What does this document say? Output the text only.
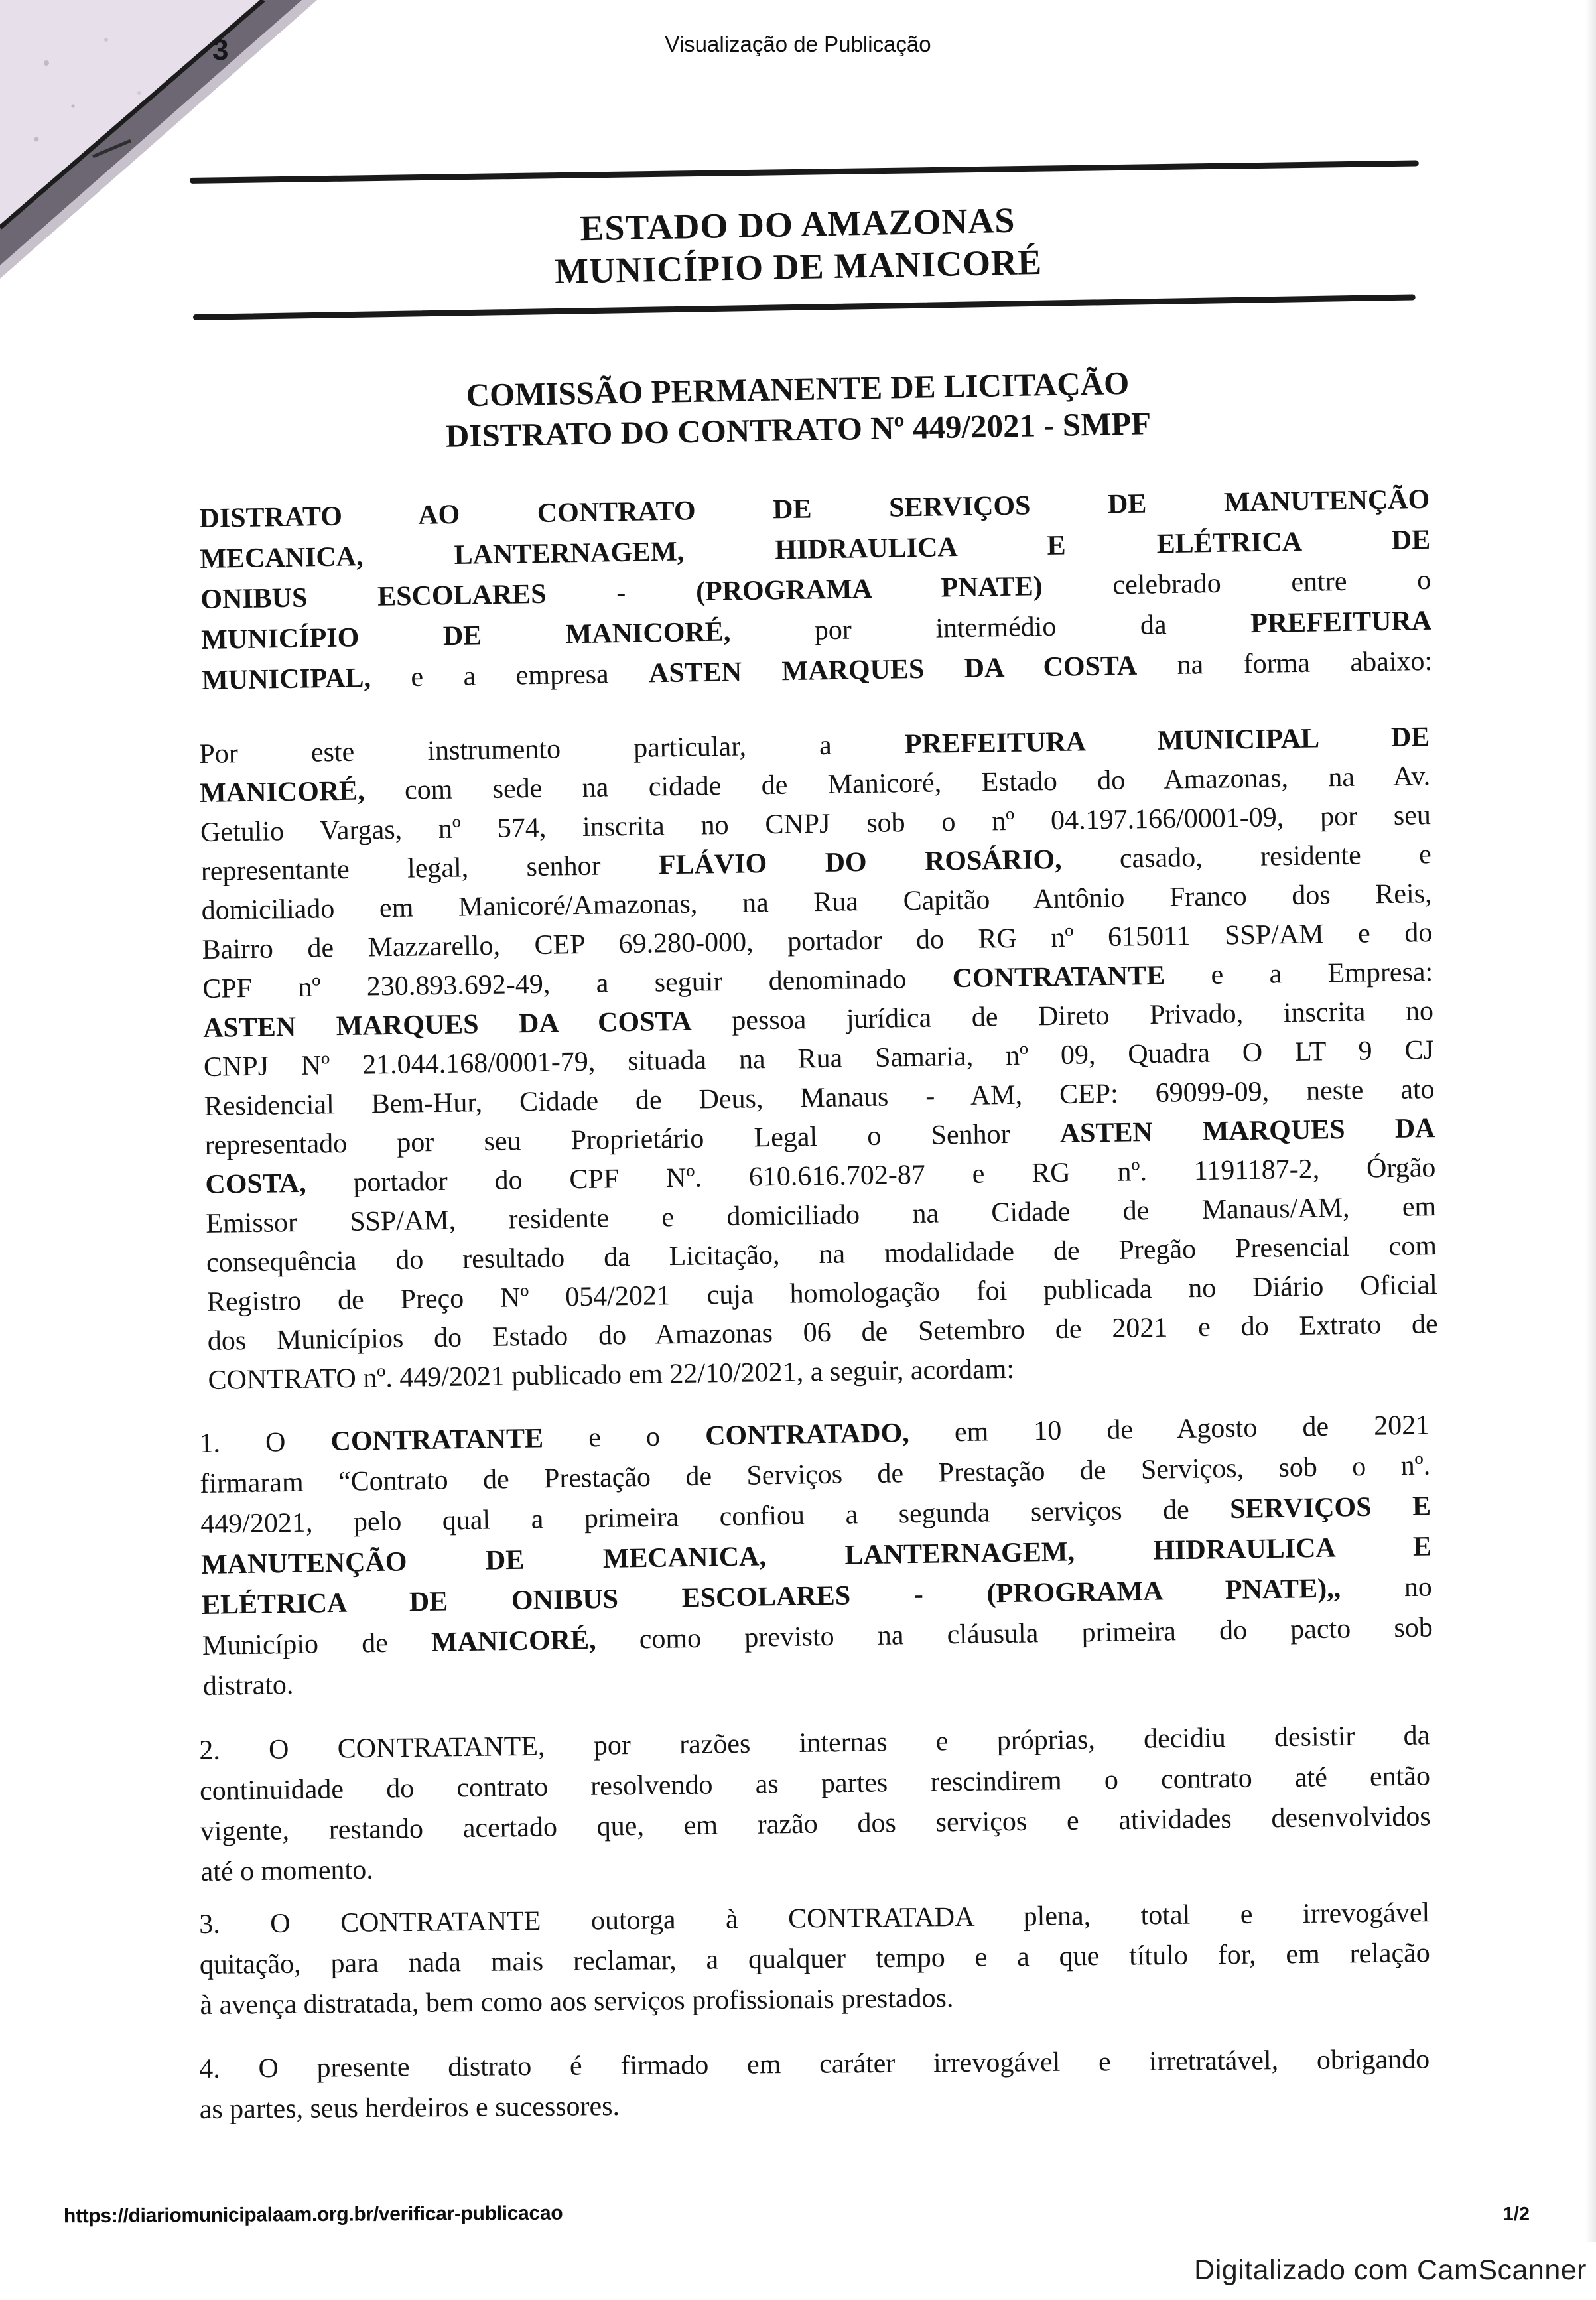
3	Visualização de Publicação
ESTADO DO AMAZONAS
MUNICÍPIO DE MANICORÉ
COMISSÃO PERMANENTE DE LICITAÇÃO
DISTRATO DO CONTRATO Nº 449/2021 - SMPF
DISTRATO AO CONTRATO DE SERVIÇOS DE MANUTENÇÃO
MECANICA, LANTERNAGEM, HIDRAULICA E ELÉTRICA DE
ONIBUS ESCOLARES - (PROGRAMA PNATE) celebrado entre o
MUNICÍPIO DE MANICORÉ, por intermédio da PREFEITURA
MUNICIPAL, e a empresa ASTEN MARQUES DA COSTA na forma abaixo:
Por este instrumento particular, a PREFEITURA MUNICIPAL DE
MANICORÉ, com sede na cidade de Manicoré, Estado do Amazonas, na Av.
Getulio Vargas, nº 574, inscrita no CNPJ sob o nº 04.197.166/0001-09, por seu
representante legal, senhor FLÁVIO DO ROSÁRIO, casado, residente e
domiciliado em Manicoré/Amazonas, na Rua Capitão Antônio Franco dos Reis,
Bairro de Mazzarello, CEP 69.280-000, portador do RG nº 615011 SSP/AM e do
CPF nº 230.893.692-49, a seguir denominado CONTRATANTE e a Empresa:
ASTEN MARQUES DA COSTA pessoa jurídica de Direto Privado, inscrita no
CNPJ Nº 21.044.168/0001-79, situada na Rua Samaria, nº 09, Quadra O LT 9 CJ
Residencial Bem-Hur, Cidade de Deus, Manaus - AM, CEP: 69099-09, neste ato
representado por seu Proprietário Legal o Senhor ASTEN MARQUES DA
COSTA, portador do CPF Nº. 610.616.702-87 e RG nº. 1191187-2, Órgão
Emissor SSP/AM, residente e domiciliado na Cidade de Manaus/AM, em
consequência do resultado da Licitação, na modalidade de Pregão Presencial com
Registro de Preço Nº 054/2021 cuja homologação foi publicada no Diário Oficial
dos Municípios do Estado do Amazonas 06 de Setembro de 2021 e do Extrato de
CONTRATO nº. 449/2021 publicado em 22/10/2021, a seguir, acordam:
1. O CONTRATANTE e o CONTRATADO, em 10 de Agosto de 2021
firmaram “Contrato de Prestação de Serviços de Prestação de Serviços, sob o nº.
449/2021, pelo qual a primeira confiou a segunda serviços de SERVIÇOS E
MANUTENÇÃO DE MECANICA, LANTERNAGEM, HIDRAULICA E
ELÉTRICA DE ONIBUS ESCOLARES - (PROGRAMA PNATE),, no
Município de MANICORÉ, como previsto na cláusula primeira do pacto sob
distrato.
2. O CONTRATANTE, por razões internas e próprias, decidiu desistir da
continuidade do contrato resolvendo as partes rescindirem o contrato até então
vigente, restando acertado que, em razão dos serviços e atividades desenvolvidos
até o momento.
3. O CONTRATANTE outorga à CONTRATADA plena, total e irrevogável
quitação, para nada mais reclamar, a qualquer tempo e a que título for, em relação
à avença distratada, bem como aos serviços profissionais prestados.
4. O presente distrato é firmado em caráter irrevogável e irretratável, obrigando
as partes, seus herdeiros e sucessores.
https://diariomunicipalaam.org.br/verificar-publicacao	1/2
Digitalizado com CamScanner
